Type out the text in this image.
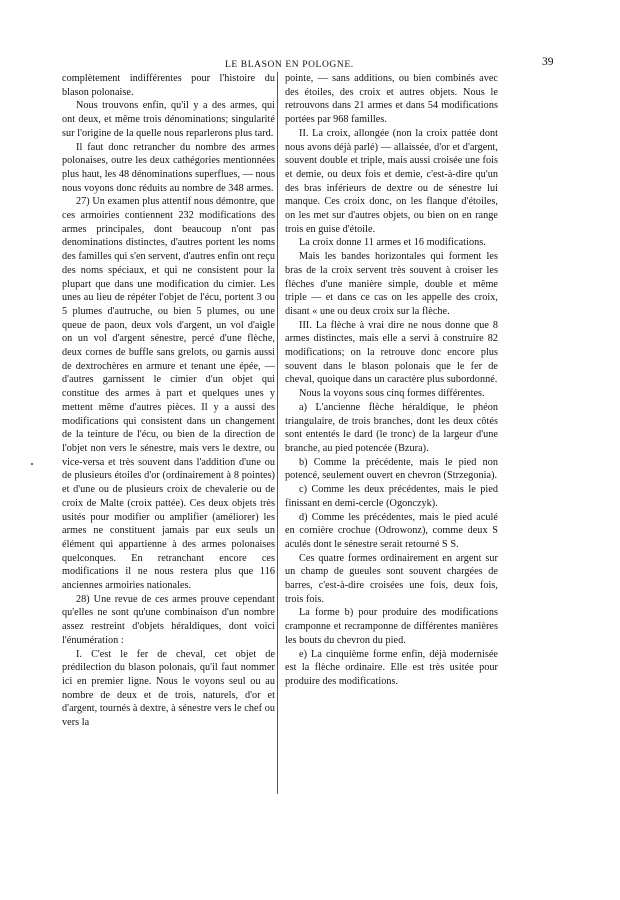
LE BLASON EN POLOGNE.	39

complètement indifférentes pour l'histoire du blason polonaise.

Nous trouvons enfin, qu'il y a des armes, qui ont deux, et même trois dénominations; singularité sur l'origine de la quelle nous reparlerons plus tard.

Il faut donc retrancher du nombre des armes polonaises, outre les deux cathégories mentionnées plus haut, les 48 dénominations superflues, — nous nous voyons donc réduits au nombre de 348 armes.

27) Un examen plus attentif nous démontre, que ces armoiries contiennent 232 modifications des armes principales, dont beaucoup n'ont pas denominations distinctes, d'autres portent les noms des familles qui s'en servent, d'autres enfin ont reçu des noms spéciaux, et qui ne consistent pour la plupart que dans une modification du cimier. Les unes au lieu de répéter l'objet de l'écu, portent 3 ou 5 plumes d'autruche, ou bien 5 plumes, ou une queue de paon, deux vols d'argent, un vol d'aigle on un vol d'argent sénestre, percé d'une flèche, deux cornes de buffle sans grelots, ou garnis aussi de dextrochères en armure et tenant une épée, — d'autres garnissent le cimier d'un objet qui constitue des armes à part et quelques unes y mettent même d'autres pièces. Il y a aussi des modifications qui consistent dans un changement de la teinture de l'écu, ou bien de la direction de l'objet non vers le sénestre, mais vers le dextre, ou vice-versa et très souvent dans l'addition d'une ou de plusieurs étoiles d'or (ordinairement à 8 pointes) et d'une ou de plusieurs croix de chevalerie ou de croix de Malte (croix pattée). Ces deux objets très usités pour modifier ou amplifier (améliorer) les armes ne constituent jamais par eux seuls un élément qui appartienne à des armes polonaises quelconques. En retranchant encore ces modifications il ne nous restera plus que 116 anciennes armoiries nationales.

28) Une revue de ces armes prouve cependant qu'elles ne sont qu'une combinaison d'un nombre assez restreint d'objets héraldiques, dont voici l'énumération :

I. C'est le fer de cheval, cet objet de prédilection du blason polonais, qu'il faut nommer ici en premier ligne. Nous le voyons seul ou au nombre de deux et de trois, naturels, d'or et d'argent, tournés à dextre, à sénestre vers le chef ou vers la

pointe, — sans additions, ou bien combinés avec des étoiles, des croix et autres objets. Nous le retrouvons dans 21 armes et dans 54 modifications portées par 968 familles.

II. La croix, allongée (non la croix pattée dont nous avons déjà parlé) — allaissée, d'or et d'argent, souvent double et triple, mais aussi croisée une fois et demie, ou deux fois et demie, c'est-à-dire qu'un des bras inférieurs de dextre ou de sénestre lui manque. Ces croix donc, on les flanque d'étoiles, on les met sur d'autres objets, ou bien on en range trois en guise d'étoile.

La croix donne 11 armes et 16 modifications.

Mais les bandes horizontales qui forment les bras de la croix servent très souvent à croiser les flèches d'une manière simple, double et même triple — et dans ce cas on les appelle des croix, disant « une ou deux croix sur la flèche.

III. La flèche à vrai dire ne nous donne que 8 armes distinctes, mais elle a servi à construire 82 modifications; on la retrouve donc encore plus souvent dans le blason polonais que le fer de cheval, quoique dans un caractère plus subordonné.

Nous la voyons sous cinq formes différentes.

a) L'ancienne flèche héraldique, le phéon triangulaire, de trois branches, dont les deux côtés sont ententés le dard (le tronc) de la largeur d'une branche, au pied potencée (Bzura).

b) Comme la précédente, mais le pied non potencé, seulement ouvert en chevron (Strzegonia).

c) Comme les deux précédentes, mais le pied finissant en demi-cercle (Ogonczyk).

d) Comme les précédentes, mais le pied aculé en cornière crochue (Odrowonz), comme deux S aculés dont le sénestre serait retourné S S.

Ces quatre formes ordinairement en argent sur un champ de gueules sont souvent chargées de barres, c'est-à-dire croisées une fois, deux fois, trois fois.

La forme b) pour produire des modifications cramponne et recramponne de différentes manières les bouts du chevron du pied.

e) La cinquième forme enfin, déjà modernisée est la flèche ordinaire. Elle est très usitée pour produire des modifications.
